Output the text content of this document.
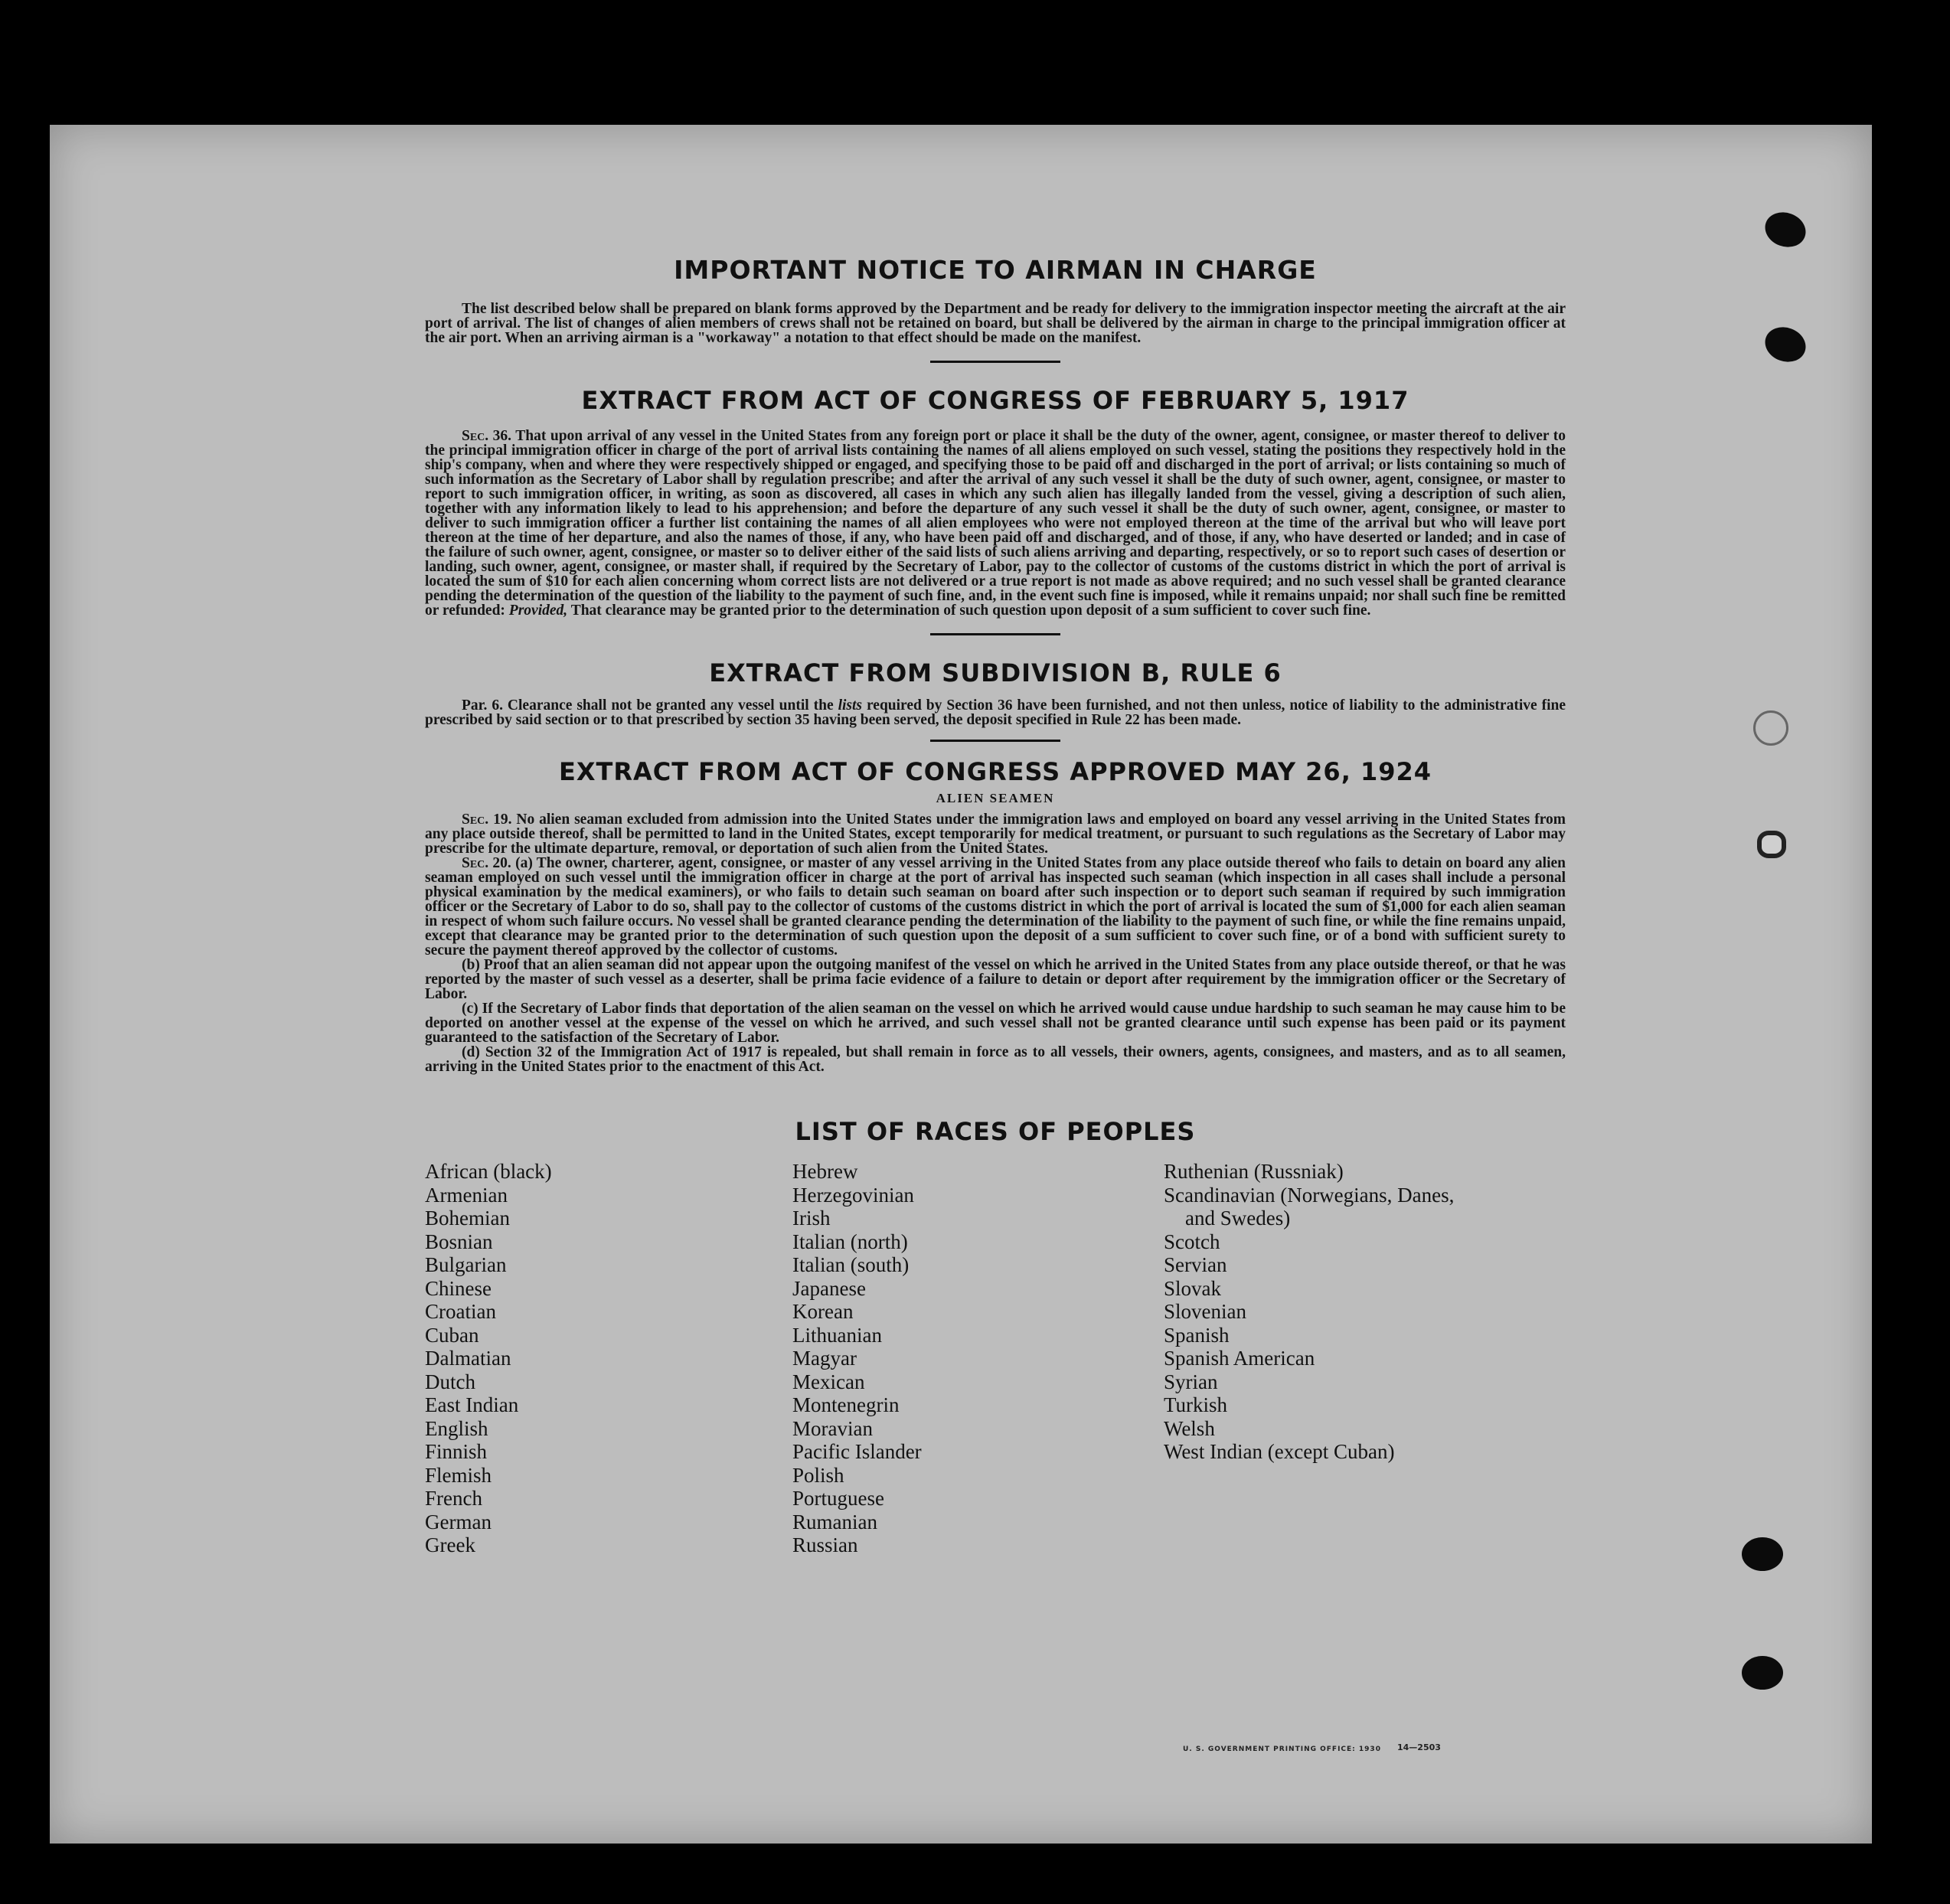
IMPORTANT NOTICE TO AIRMAN IN CHARGE

The list described below shall be prepared on blank forms approved by the Department and be ready for delivery to the immigration inspector meeting the aircraft at the air port of arrival. The list of changes of alien members of crews shall not be retained on board, but shall be delivered by the airman in charge to the principal immigration officer at the air port. When an arriving airman is a "workaway" a notation to that effect should be made on the manifest.

EXTRACT FROM ACT OF CONGRESS OF FEBRUARY 5, 1917

Sec. 36. That upon arrival of any vessel in the United States from any foreign port or place it shall be the duty of the owner, agent, consignee, or master thereof to deliver to the principal immigration officer in charge of the port of arrival lists containing the names of all aliens employed on such vessel, stating the positions they respectively hold in the ship's company, when and where they were respectively shipped or engaged, and specifying those to be paid off and discharged in the port of arrival; or lists containing so much of such information as the Secretary of Labor shall by regulation prescribe; and after the arrival of any such vessel it shall be the duty of such owner, agent, consignee, or master to report to such immigration officer, in writing, as soon as discovered, all cases in which any such alien has illegally landed from the vessel, giving a description of such alien, together with any information likely to lead to his apprehension; and before the departure of any such vessel it shall be the duty of such owner, agent, consignee, or master to deliver to such immigration officer a further list containing the names of all alien employees who were not employed thereon at the time of the arrival but who will leave port thereon at the time of her departure, and also the names of those, if any, who have been paid off and discharged, and of those, if any, who have deserted or landed; and in case of the failure of such owner, agent, consignee, or master so to deliver either of the said lists of such aliens arriving and departing, respectively, or so to report such cases of desertion or landing, such owner, agent, consignee, or master shall, if required by the Secretary of Labor, pay to the collector of customs of the customs district in which the port of arrival is located the sum of $10 for each alien concerning whom correct lists are not delivered or a true report is not made as above required; and no such vessel shall be granted clearance pending the determination of the question of the liability to the payment of such fine, and, in the event such fine is imposed, while it remains unpaid; nor shall such fine be remitted or refunded: Provided, That clearance may be granted prior to the determination of such question upon deposit of a sum sufficient to cover such fine.

EXTRACT FROM SUBDIVISION B, RULE 6

Par. 6. Clearance shall not be granted any vessel until the lists required by Section 36 have been furnished, and not then unless, notice of liability to the administrative fine prescribed by said section or to that prescribed by section 35 having been served, the deposit specified in Rule 22 has been made.

EXTRACT FROM ACT OF CONGRESS APPROVED MAY 26, 1924
ALIEN SEAMEN

Sec. 19. No alien seaman excluded from admission into the United States under the immigration laws and employed on board any vessel arriving in the United States from any place outside thereof, shall be permitted to land in the United States, except temporarily for medical treatment, or pursuant to such regulations as the Secretary of Labor may prescribe for the ultimate departure, removal, or deportation of such alien from the United States.

Sec. 20. (a) The owner, charterer, agent, consignee, or master of any vessel arriving in the United States from any place outside thereof who fails to detain on board any alien seaman employed on such vessel until the immigration officer in charge at the port of arrival has inspected such seaman (which inspection in all cases shall include a personal physical examination by the medical examiners), or who fails to detain such seaman on board after such inspection or to deport such seaman if required by such immigration officer or the Secretary of Labor to do so, shall pay to the collector of customs of the customs district in which the port of arrival is located the sum of $1,000 for each alien seaman in respect of whom such failure occurs. No vessel shall be granted clearance pending the determination of the liability to the payment of such fine, or while the fine remains unpaid, except that clearance may be granted prior to the determination of such question upon the deposit of a sum sufficient to cover such fine, or of a bond with sufficient surety to secure the payment thereof approved by the collector of customs.

(b) Proof that an alien seaman did not appear upon the outgoing manifest of the vessel on which he arrived in the United States from any place outside thereof, or that he was reported by the master of such vessel as a deserter, shall be prima facie evidence of a failure to detain or deport after requirement by the immigration officer or the Secretary of Labor.

(c) If the Secretary of Labor finds that deportation of the alien seaman on the vessel on which he arrived would cause undue hardship to such seaman he may cause him to be deported on another vessel at the expense of the vessel on which he arrived, and such vessel shall not be granted clearance until such expense has been paid or its payment guaranteed to the satisfaction of the Secretary of Labor.

(d) Section 32 of the Immigration Act of 1917 is repealed, but shall remain in force as to all vessels, their owners, agents, consignees, and masters, and as to all seamen, arriving in the United States prior to the enactment of this Act.

LIST OF RACES OF PEOPLES
African (black)
Armenian
Bohemian
Bosnian
Bulgarian
Chinese
Croatian
Cuban
Dalmatian
Dutch
East Indian
English
Finnish
Flemish
French
German
Greek
Hebrew
Herzegovinian
Irish
Italian (north)
Italian (south)
Japanese
Korean
Lithuanian
Magyar
Mexican
Montenegrin
Moravian
Pacific Islander
Polish
Portuguese
Rumanian
Russian
Ruthenian (Russniak)
Scandinavian (Norwegians, Danes,
and Swedes)
Scotch
Servian
Slovak
Slovenian
Spanish
Spanish American
Syrian
Turkish
Welsh
West Indian (except Cuban)
U. S. GOVERNMENT PRINTING OFFICE: 1930 14—2503
